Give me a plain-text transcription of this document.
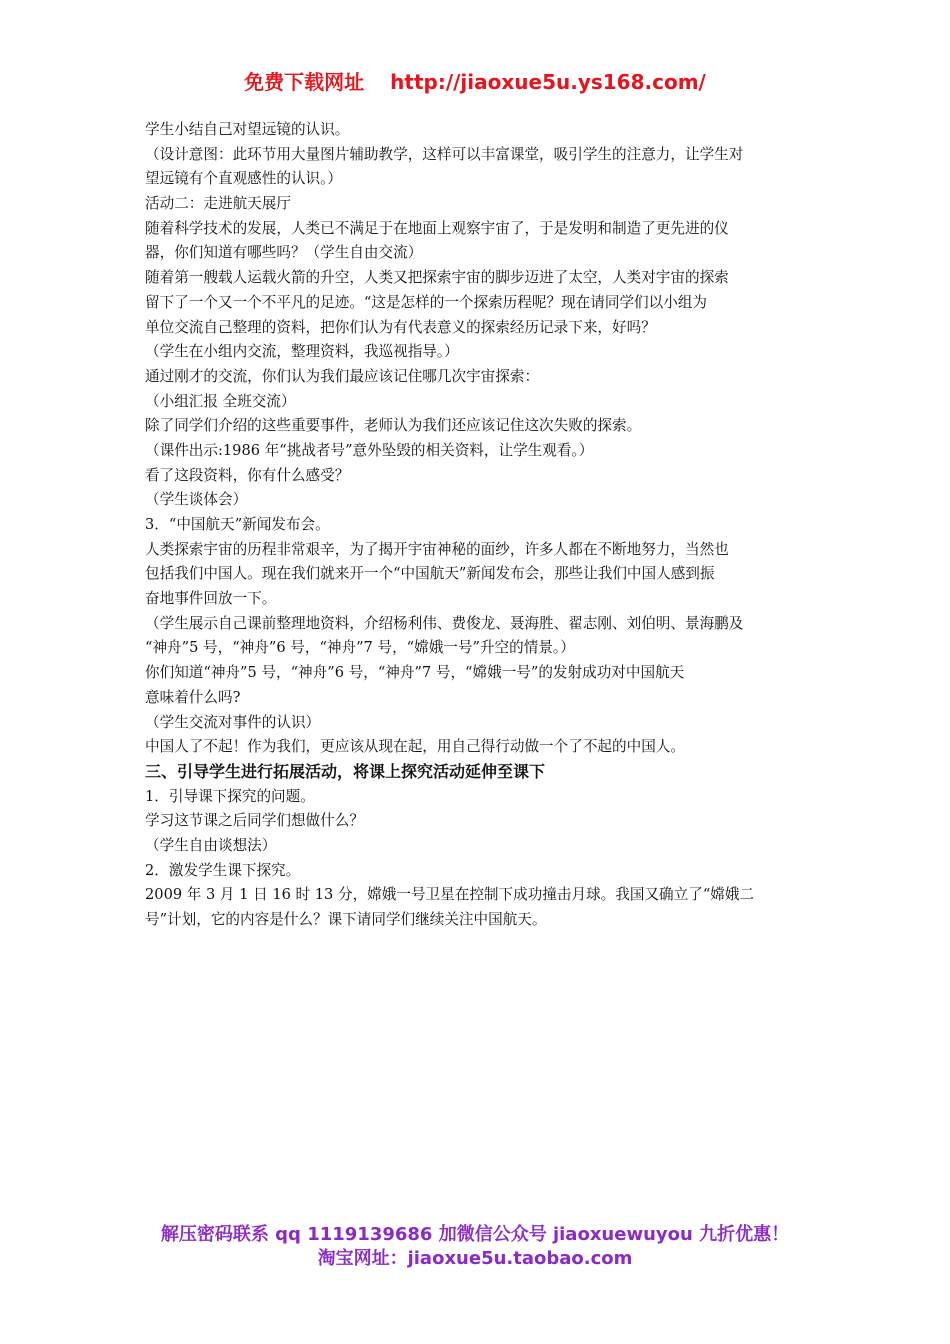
免费下载网址 http://jiaoxue5u.ys168.com/
学生小结自己对望远镜的认识。
（设计意图：此环节用大量图片辅助教学，这样可以丰富课堂，吸引学生的注意力，让学生对
望远镜有个直观感性的认识。）
活动二：走进航天展厅
随着科学技术的发展，人类已不满足于在地面上观察宇宙了，于是发明和制造了更先进的仪
器，你们知道有哪些吗？（学生自由交流）
随着第一艘载人运载火箭的升空，人类又把探索宇宙的脚步迈进了太空，人类对宇宙的探索
留下了一个又一个不平凡的足迹。“这是怎样的一个探索历程呢？现在请同学们以小组为
单位交流自己整理的资料，把你们认为有代表意义的探索经历记录下来，好吗？
（学生在小组内交流，整理资料，我巡视指导。）
通过刚才的交流，你们认为我们最应该记住哪几次宇宙探索：
（小组汇报 全班交流）
除了同学们介绍的这些重要事件，老师认为我们还应该记住这次失败的探索。
（课件出示:1986 年“挑战者号”意外坠毁的相关资料，让学生观看。）
看了这段资料，你有什么感受？
（学生谈体会）
3．“中国航天”新闻发布会。
人类探索宇宙的历程非常艰辛，为了揭开宇宙神秘的面纱，许多人都在不断地努力，当然也
包括我们中国人。现在我们就来开一个“中国航天”新闻发布会，那些让我们中国人感到振
奋地事件回放一下。
（学生展示自己课前整理地资料，介绍杨利伟、费俊龙、聂海胜、翟志刚、刘伯明、景海鹏及
“神舟”5 号，“神舟”6 号，“神舟”7 号，“嫦娥一号”升空的情景。）
你们知道“神舟”5 号，“神舟”6 号，“神舟”7 号，“嫦娥一号”的发射成功对中国航天
意味着什么吗?
（学生交流对事件的认识）
中国人了不起！作为我们，更应该从现在起，用自己得行动做一个了不起的中国人。
三、引导学生进行拓展活动，将课上探究活动延伸至课下
1．引导课下探究的问题。
学习这节课之后同学们想做什么？
（学生自由谈想法）
2．激发学生课下探究。
2009 年 3 月 1 日 16 时 13 分，嫦娥一号卫星在控制下成功撞击月球。我国又确立了“嫦娥二
号”计划，它的内容是什么？课下请同学们继续关注中国航天。
解压密码联系 qq 1119139686 加微信公众号 jiaoxuewuyou 九折优惠！
淘宝网址：jiaoxue5u.taobao.com
